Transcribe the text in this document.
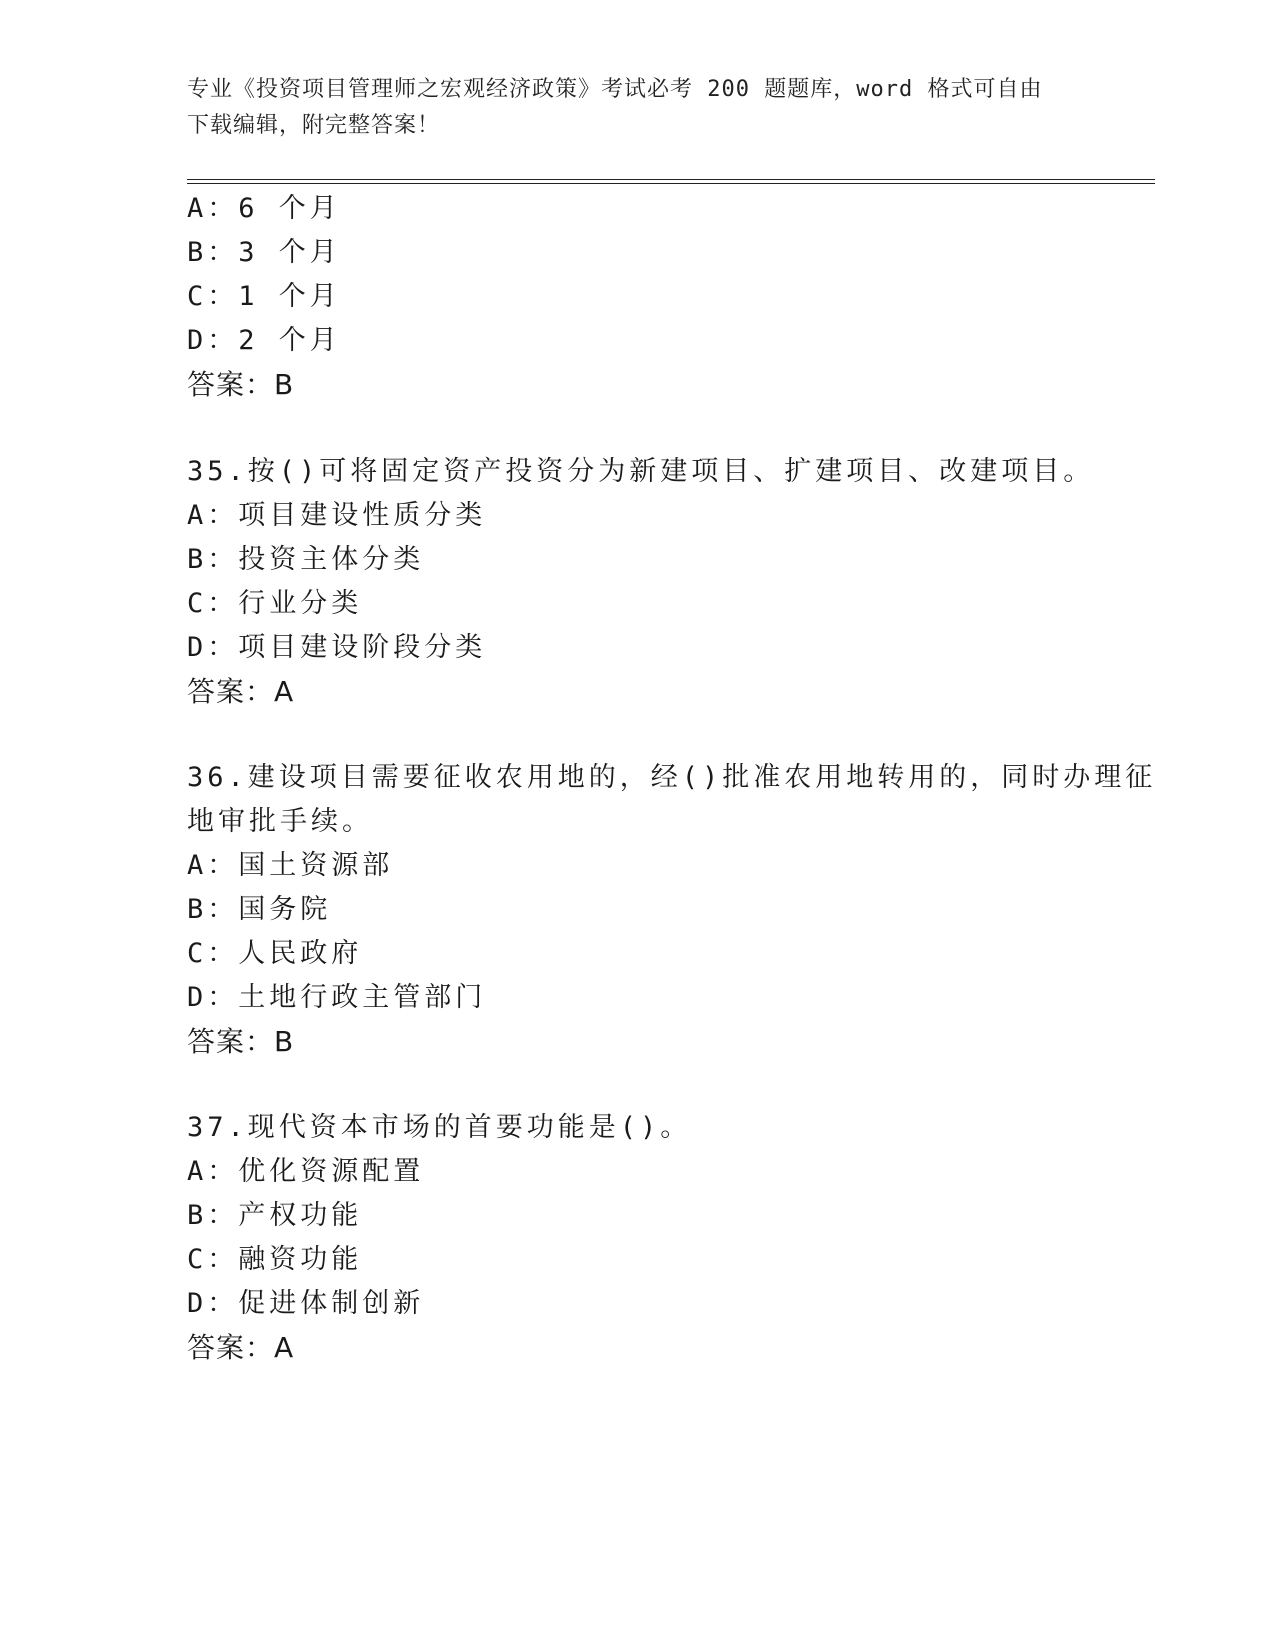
专业《投资项目管理师之宏观经济政策》考试必考 200 题题库，word 格式可自由
下载编辑，附完整答案！
A：6 个月
B：3 个月
C：1 个月
D：2 个月
答案：B
35.按()可将固定资产投资分为新建项目、扩建项目、改建项目。
A：项目建设性质分类
B：投资主体分类
C：行业分类
D：项目建设阶段分类
答案：A
36.建设项目需要征收农用地的，经()批准农用地转用的，同时办理征
地审批手续。
A：国土资源部
B：国务院
C：人民政府
D：土地行政主管部门
答案：B
37.现代资本市场的首要功能是()。
A：优化资源配置
B：产权功能
C：融资功能
D：促进体制创新
答案：A
